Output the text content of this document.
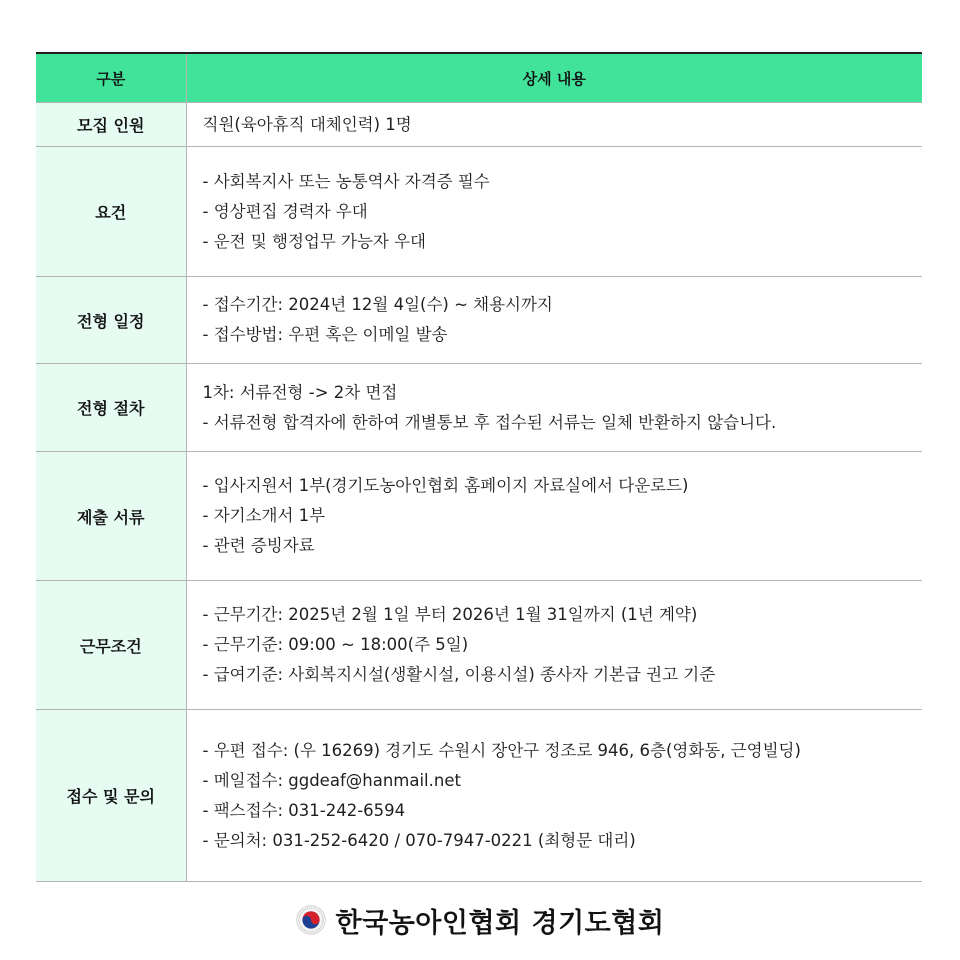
구분	상세 내용
모집 인원	직원(육아휴직 대체인력) 1명

요건	- 사회복지사 또는 농통역사 자격증 필수
- 영상편집 경력자 우대
- 운전 및 행정업무 가능자 우대

전형 일정	- 접수기간: 2024년 12월 4일(수) ~ 채용시까지
- 접수방법: 우편 혹은 이메일 발송

전형 절차	1차: 서류전형 -> 2차 면접
- 서류전형 합격자에 한하여 개별통보 후 접수된 서류는 일체 반환하지 않습니다.

제출 서류	- 입사지원서 1부(경기도농아인협회 홈페이지 자료실에서 다운로드)
- 자기소개서 1부
- 관련 증빙자료

근무조건	- 근무기간: 2025년 2월 1일 부터 2026년 1월 31일까지 (1년 계약)
- 근무기준: 09:00 ~ 18:00(주 5일)
- 급여기준: 사회복지시설(생활시설, 이용시설) 종사자 기본급 권고 기준

접수 및 문의	- 우편 접수: (우 16269) 경기도 수원시 장안구 정조로 946, 6층(영화동, 근영빌딩)
- 메일접수: ggdeaf@hanmail.net
- 팩스접수: 031-242-6594
- 문의처: 031-252-6420 / 070-7947-0221 (최형문 대리)
한국농아인협회 경기도협회
